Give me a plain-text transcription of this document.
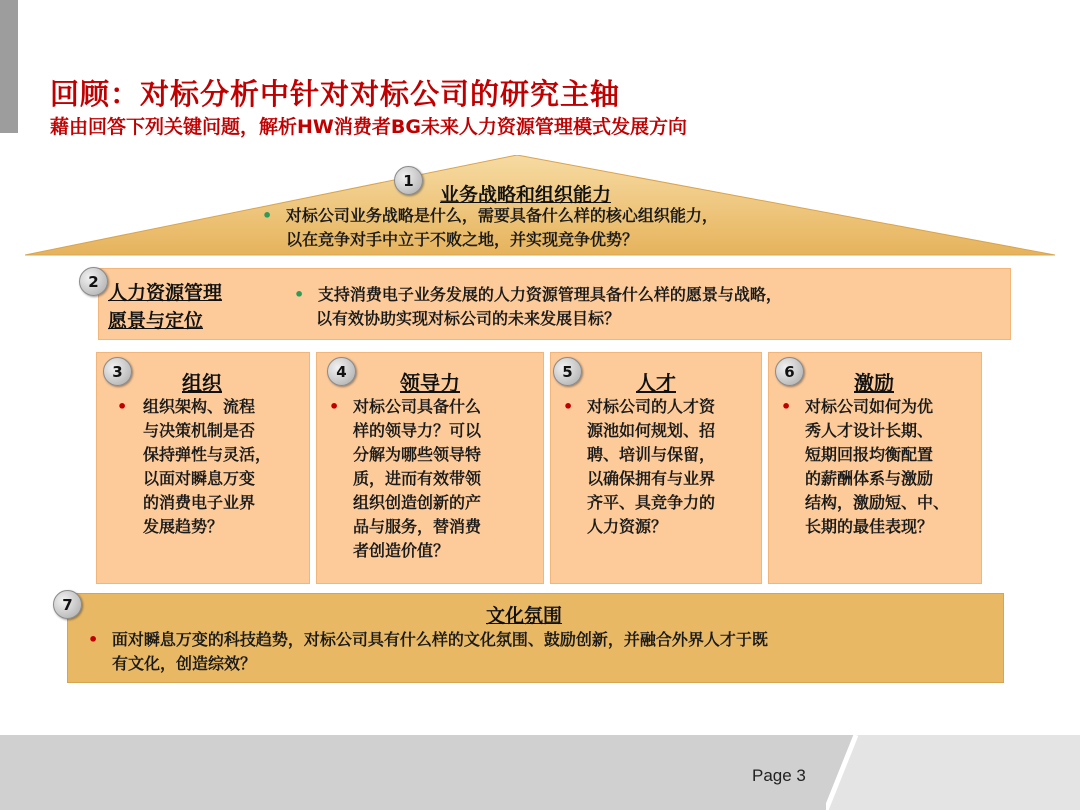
回顾：对标分析中针对对标公司的研究主轴
藉由回答下列关键问题，解析HW消费者BG未来人力资源管理模式发展方向
1
业务战略和组织能力
• 对标公司业务战略是什么，需要具备什么样的核心组织能力，
以在竞争对手中立于不败之地，并实现竞争优势？
2
人力资源管理
愿景与定位
• 支持消费电子业务发展的人力资源管理具备什么样的愿景与战略，
以有效协助实现对标公司的未来发展目标？
3	组织
• 组织架构、流程
与决策机制是否
保持弹性与灵活，
以面对瞬息万变
的消费电子业界
发展趋势？
4	领导力
• 对标公司具备什么
样的领导力？可以
分解为哪些领导特
质，进而有效带领
组织创造创新的产
品与服务，替消费
者创造价值？
5	人才
• 对标公司的人才资
源池如何规划、招
聘、培训与保留，
以确保拥有与业界
齐平、具竞争力的
人力资源？
6	激励
• 对标公司如何为优
秀人才设计长期、
短期回报均衡配置
的薪酬体系与激励
结构，激励短、中、
长期的最佳表现？
7
文化氛围
• 面对瞬息万变的科技趋势，对标公司具有什么样的文化氛围、鼓励创新，并融合外界人才于既
有文化，创造综效？
Page 3
